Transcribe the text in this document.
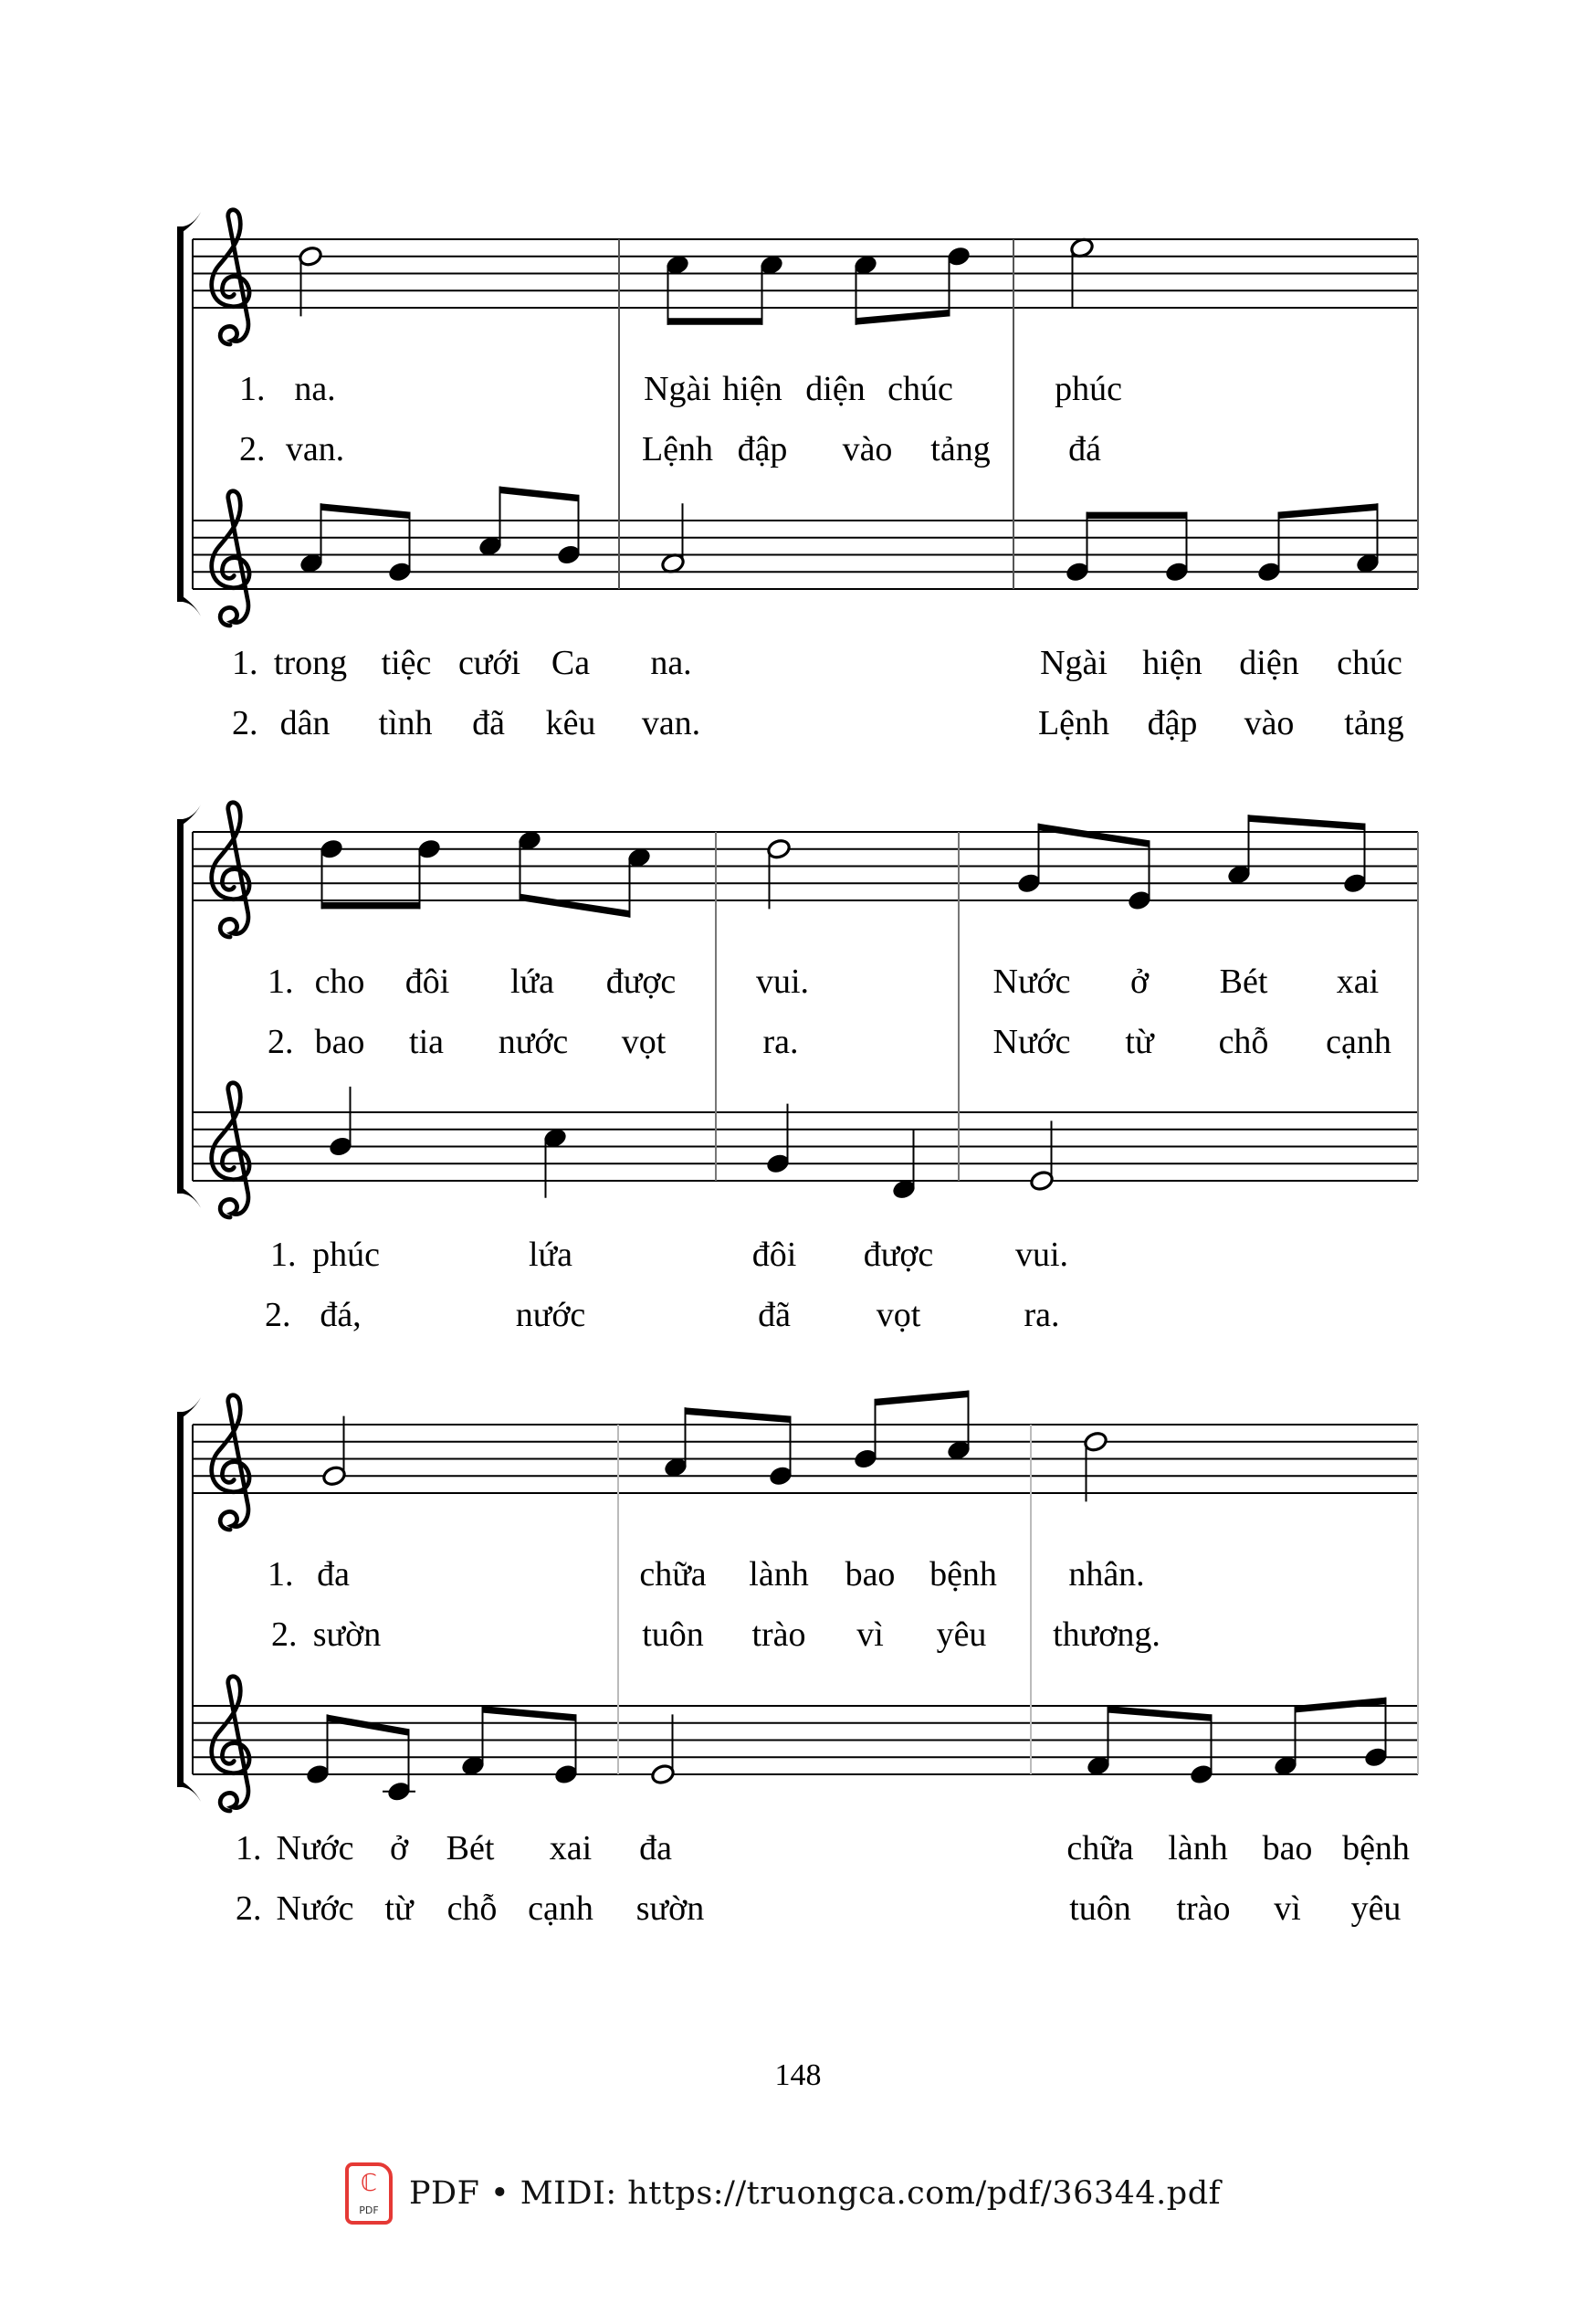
1. na.	Ngài hiện diện chúc	phúc
2. van.	Lệnh đập vào tảng đá
1. trong tiệc cưới Ca na.	Ngài hiện diện chúc
2. dân tình đã kêu van.	Lệnh đập vào tảng
1. cho đôi lứa được vui.	Nước ở Bét xai
2. bao tia nước vọt	ra.	Nước từ chỗ cạnh
1. phúc	lứa	đôi được vui.
2. đá,	nước	đã vọt	ra.
1. đa	chữa lành bao bệnh nhân.
2. sườn	tuôn trào vì yêu thương.
1. Nước ở Bét xai đa	chữa lành bao bệnh
2. Nước từ chỗ cạnh sườn	tuôn trào vì yêu
148
ℂ
PDF PDF • MIDI: https://truongca.com/pdf/36344.pdf
